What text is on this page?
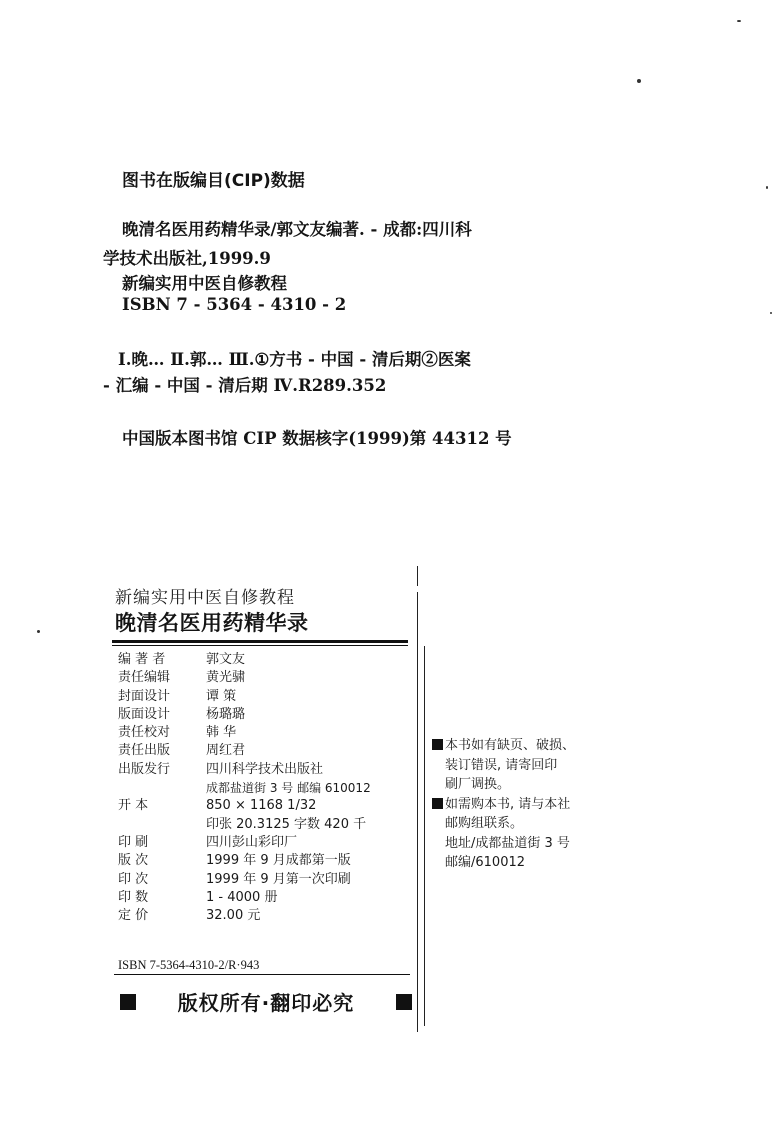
图书在版编目(CIP)数据
晚清名医用药精华录/郭文友编著. - 成都:四川科
学技术出版社,1999.9
新编实用中医自修教程
ISBN 7 - 5364 - 4310 - 2
Ⅰ.晚… Ⅱ.郭… Ⅲ.①方书 - 中国 - 清后期②医案
- 汇编 - 中国 - 清后期 Ⅳ.R289.352
中国版本图书馆 CIP 数据核字(1999)第 44312 号
新编实用中医自修教程
晚清名医用药精华录
编 著 者	郭文友
责任编辑	黄光骕
封面设计	谭 策
版面设计	杨璐璐
责任校对	韩 华
责任出版	周红君
出版发行	四川科学技术出版社
成都盐道街 3 号 邮编 610012
开 本	850 × 1168 1/32
印张 20.3125 字数 420 千
印 刷	四川彭山彩印厂
版 次	1999 年 9 月成都第一版
印 次	1999 年 9 月第一次印刷
印 数	1 - 4000 册
定 价	32.00 元
ISBN 7-5364-4310-2/R·943
版权所有·翻印必究
本书如有缺页、破损、
装订错误, 请寄回印
刷厂调换。
如需购本书, 请与本社
邮购组联系。
地址/成都盐道街 3 号
邮编/610012
